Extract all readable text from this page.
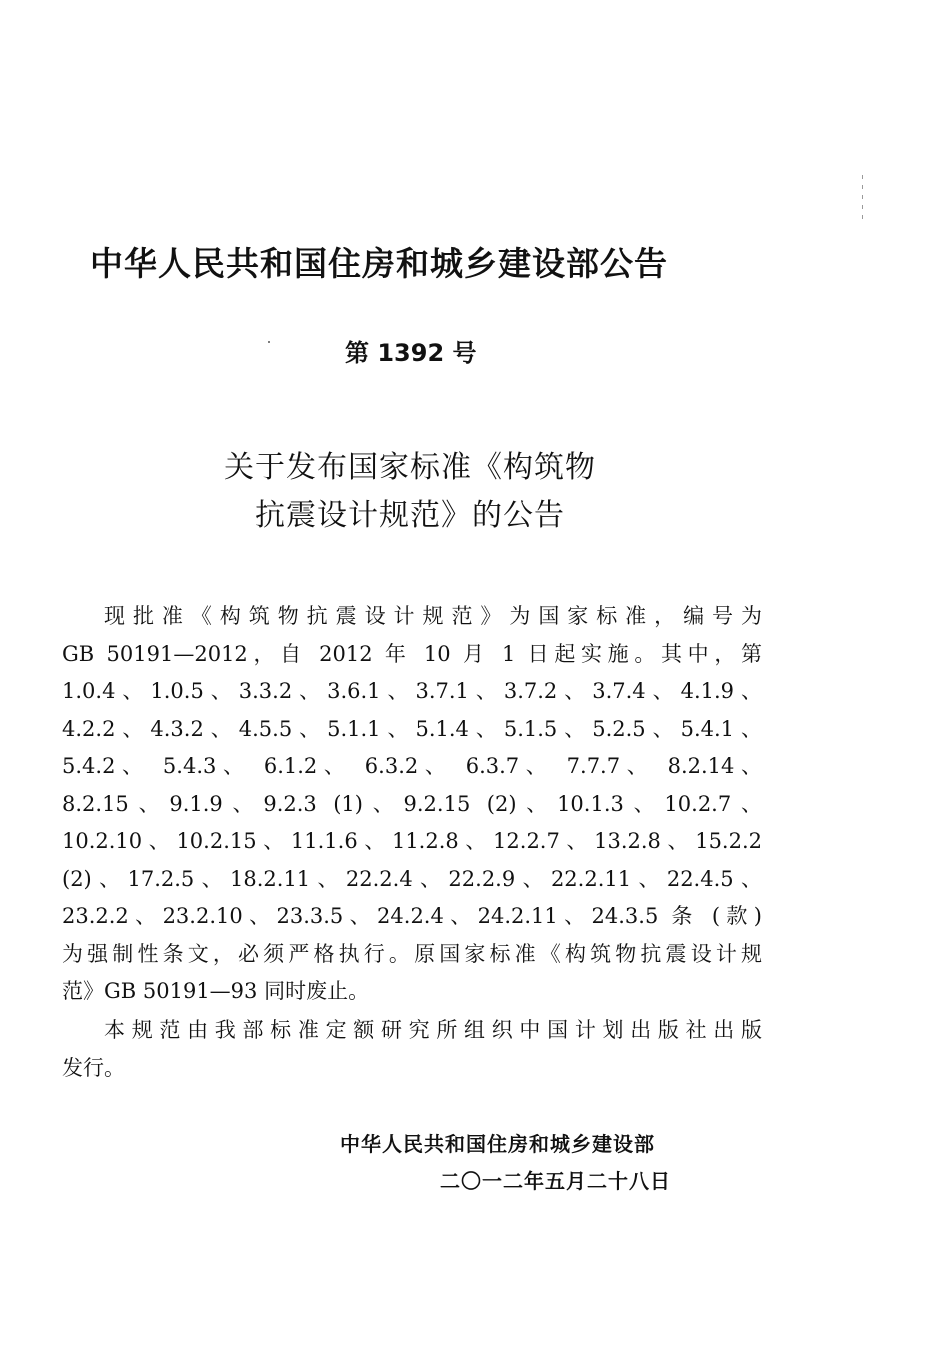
中华人民共和国住房和城乡建设部公告
第 1392 号
关于发布国家标准《构筑物
抗震设计规范》的公告
现批准《构筑物抗震设计规范》为国家标准，编号为
GB 50191—2012，自 2012 年 10 月 1 日起实施。其中，第
1.0.4、1.0.5、3.3.2、3.6.1、3.7.1、3.7.2、3.7.4、4.1.9、
4.2.2、4.3.2、4.5.5、5.1.1、5.1.4、5.1.5、5.2.5、5.4.1、
5.4.2、 5.4.3、 6.1.2、 6.3.2、 6.3.7、 7.7.7、 8.2.14、
8.2.15、9.1.9、9.2.3 (1)、9.2.15 (2)、10.1.3、10.2.7、
10.2.10、10.2.15、11.1.6、11.2.8、12.2.7、13.2.8、15.2.2
(2)、17.2.5、18.2.11、22.2.4、22.2.9、22.2.11、22.4.5、
23.2.2、23.2.10、23.3.5、24.2.4、24.2.11、24.3.5 条 (款)
为强制性条文，必须严格执行。原国家标准《构筑物抗震设计规
范》GB 50191—93 同时废止。
本规范由我部标准定额研究所组织中国计划出版社出版
发行。
中华人民共和国住房和城乡建设部
二〇一二年五月二十八日
